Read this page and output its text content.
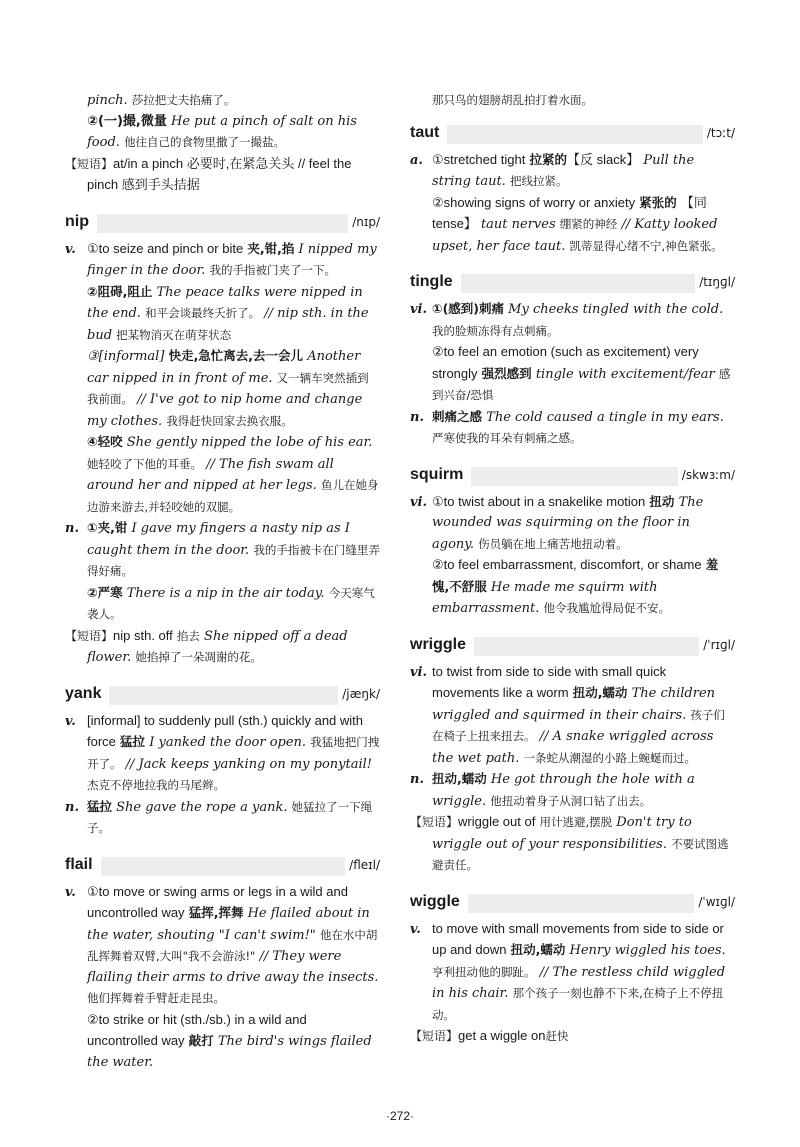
pinch. 莎拉把丈夫掐痛了。

②(一)撮,微量 He put a pinch of salt on his food. 他往自己的食物里撒了一撮盐。

【短语】at/in a pinch 必要时,在紧急关头 // feel the pinch 感到手头拮据

nip	/nɪp/

v. ①to seize and pinch or bite 夹,钳,掐 I nipped my finger in the door. 我的手指被门夹了一下。

②阻碍,阻止 The peace talks were nipped in the end. 和平会谈最终夭折了。 // nip sth. in the bud 把某物消灭在萌芽状态

③[informal] 快走,急忙离去,去一会儿 Another car nipped in in front of me. 又一辆车突然插到我前面。 // I've got to nip home and change my clothes. 我得赶快回家去换衣服。

④轻咬 She gently nipped the lobe of his ear. 她轻咬了下他的耳垂。 // The fish swam all around her and nipped at her legs. 鱼儿在她身边游来游去,并轻咬她的双腿。

n. ①夹,钳 I gave my fingers a nasty nip as I caught them in the door. 我的手指被卡在门缝里弄得好痛。

②严寒 There is a nip in the air today. 今天寒气袭人。

【短语】nip sth. off 掐去 She nipped off a dead flower. 她掐掉了一朵凋谢的花。

yank	/jæŋk/

v. [informal] to suddenly pull (sth.) quickly and with force 猛拉 I yanked the door open. 我猛地把门拽开了。 // Jack keeps yanking on my ponytail! 杰克不停地拉我的马尾辫。

n. 猛拉 She gave the rope a yank. 她猛拉了一下绳子。

flail	/fleɪl/

v. ①to move or swing arms or legs in a wild and uncontrolled way 猛挥,挥舞 He flailed about in the water, shouting "I can't swim!" 他在水中胡乱挥舞着双臂,大叫"我不会游泳!" // They were flailing their arms to drive away the insects. 他们挥舞着手臂赶走昆虫。

②to strike or hit (sth./sb.) in a wild and uncontrolled way 敲打 The bird's wings flailed the water.

那只鸟的翅膀胡乱拍打着水面。

taut	/tɔːt/

a. ①stretched tight 拉紧的【反 slack】 Pull the string taut. 把线拉紧。

②showing signs of worry or anxiety 紧张的 【同 tense】 taut nerves 绷紧的神经 // Katty looked upset, her face taut. 凯蒂显得心绪不宁,神色紧张。

tingle	/tɪŋɡl/

vi. ①(感到)刺痛 My cheeks tingled with the cold. 我的脸颊冻得有点刺痛。

②to feel an emotion (such as excitement) very strongly 强烈感到 tingle with excitement/fear 感到兴奋/恐惧

n. 刺痛之感 The cold caused a tingle in my ears. 严寒使我的耳朵有刺痛之感。

squirm	/skwɜːm/

vi. ①to twist about in a snakelike motion 扭动 The wounded was squirming on the floor in agony. 伤员躺在地上痛苦地扭动着。

②to feel embarrassment, discomfort, or shame 羞愧,不舒服 He made me squirm with embarrassment. 他令我尴尬得局促不安。

wriggle	/ˈrɪɡl/

vi. to twist from side to side with small quick movements like a worm 扭动,蠕动 The children wriggled and squirmed in their chairs. 孩子们在椅子上扭来扭去。 // A snake wriggled across the wet path. 一条蛇从潮湿的小路上蜿蜒而过。

n. 扭动,蠕动 He got through the hole with a wriggle. 他扭动着身子从洞口钻了出去。

【短语】wriggle out of 用计逃避,摆脱 Don't try to wriggle out of your responsibilities. 不要试图逃避责任。

wiggle	/ˈwɪɡl/

v. to move with small movements from side to side or up and down 扭动,蠕动 Henry wiggled his toes. 亨利扭动他的脚趾。 // The restless child wiggled in his chair. 那个孩子一刻也静不下来,在椅子上不停扭动。

【短语】get a wiggle on赶快

·272·
